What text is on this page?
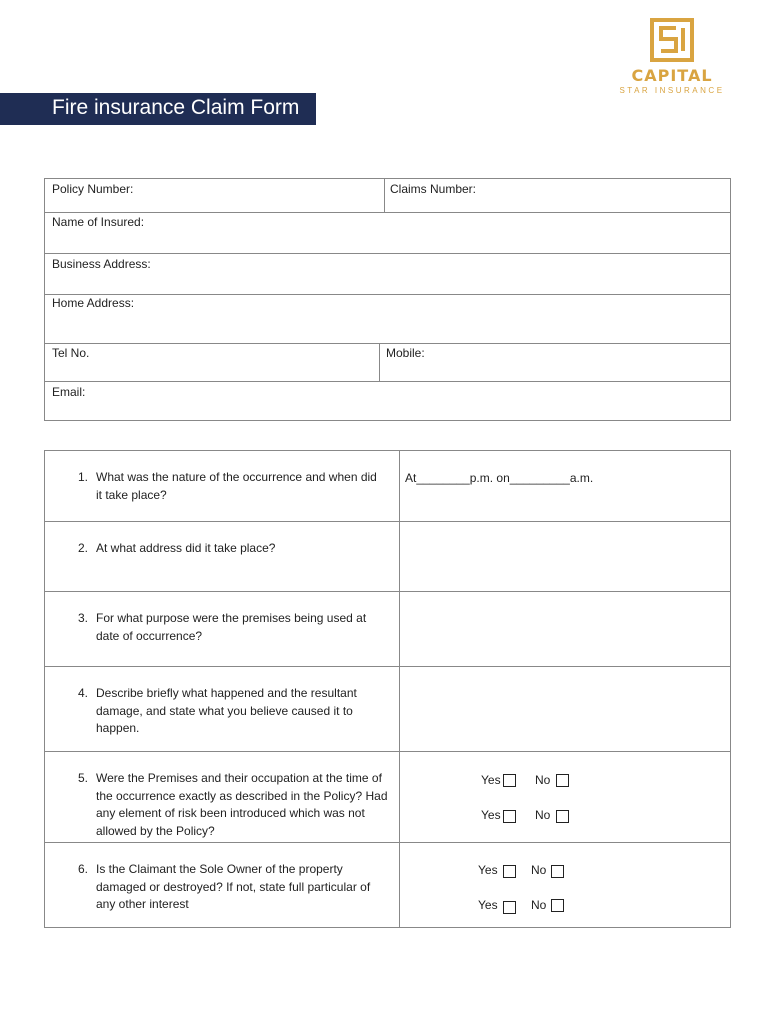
CAPITAL
STAR INSURANCE
Fire insurance Claim Form
Policy Number:	Claims Number:
Name of Insured:
Business Address:
Home Address:
Tel No.	Mobile:
Email:
1. What was the nature of the occurrence and when did it take place?
At________p.m. on_________a.m.
2. At what address did it take place?
3. For what purpose were the premises being used at date of occurrence?
4. Describe briefly what happened and the resultant damage, and state what you believe caused it to happen.
5. Were the Premises and their occupation at the time of the occurrence exactly as described in the Policy? Had any element of risk been introduced which was not allowed by the Policy?
Yes	No
Yes	No
6. Is the Claimant the Sole Owner of the property damaged or destroyed? If not, state full particular of any other interest
Yes	No
Yes	No
